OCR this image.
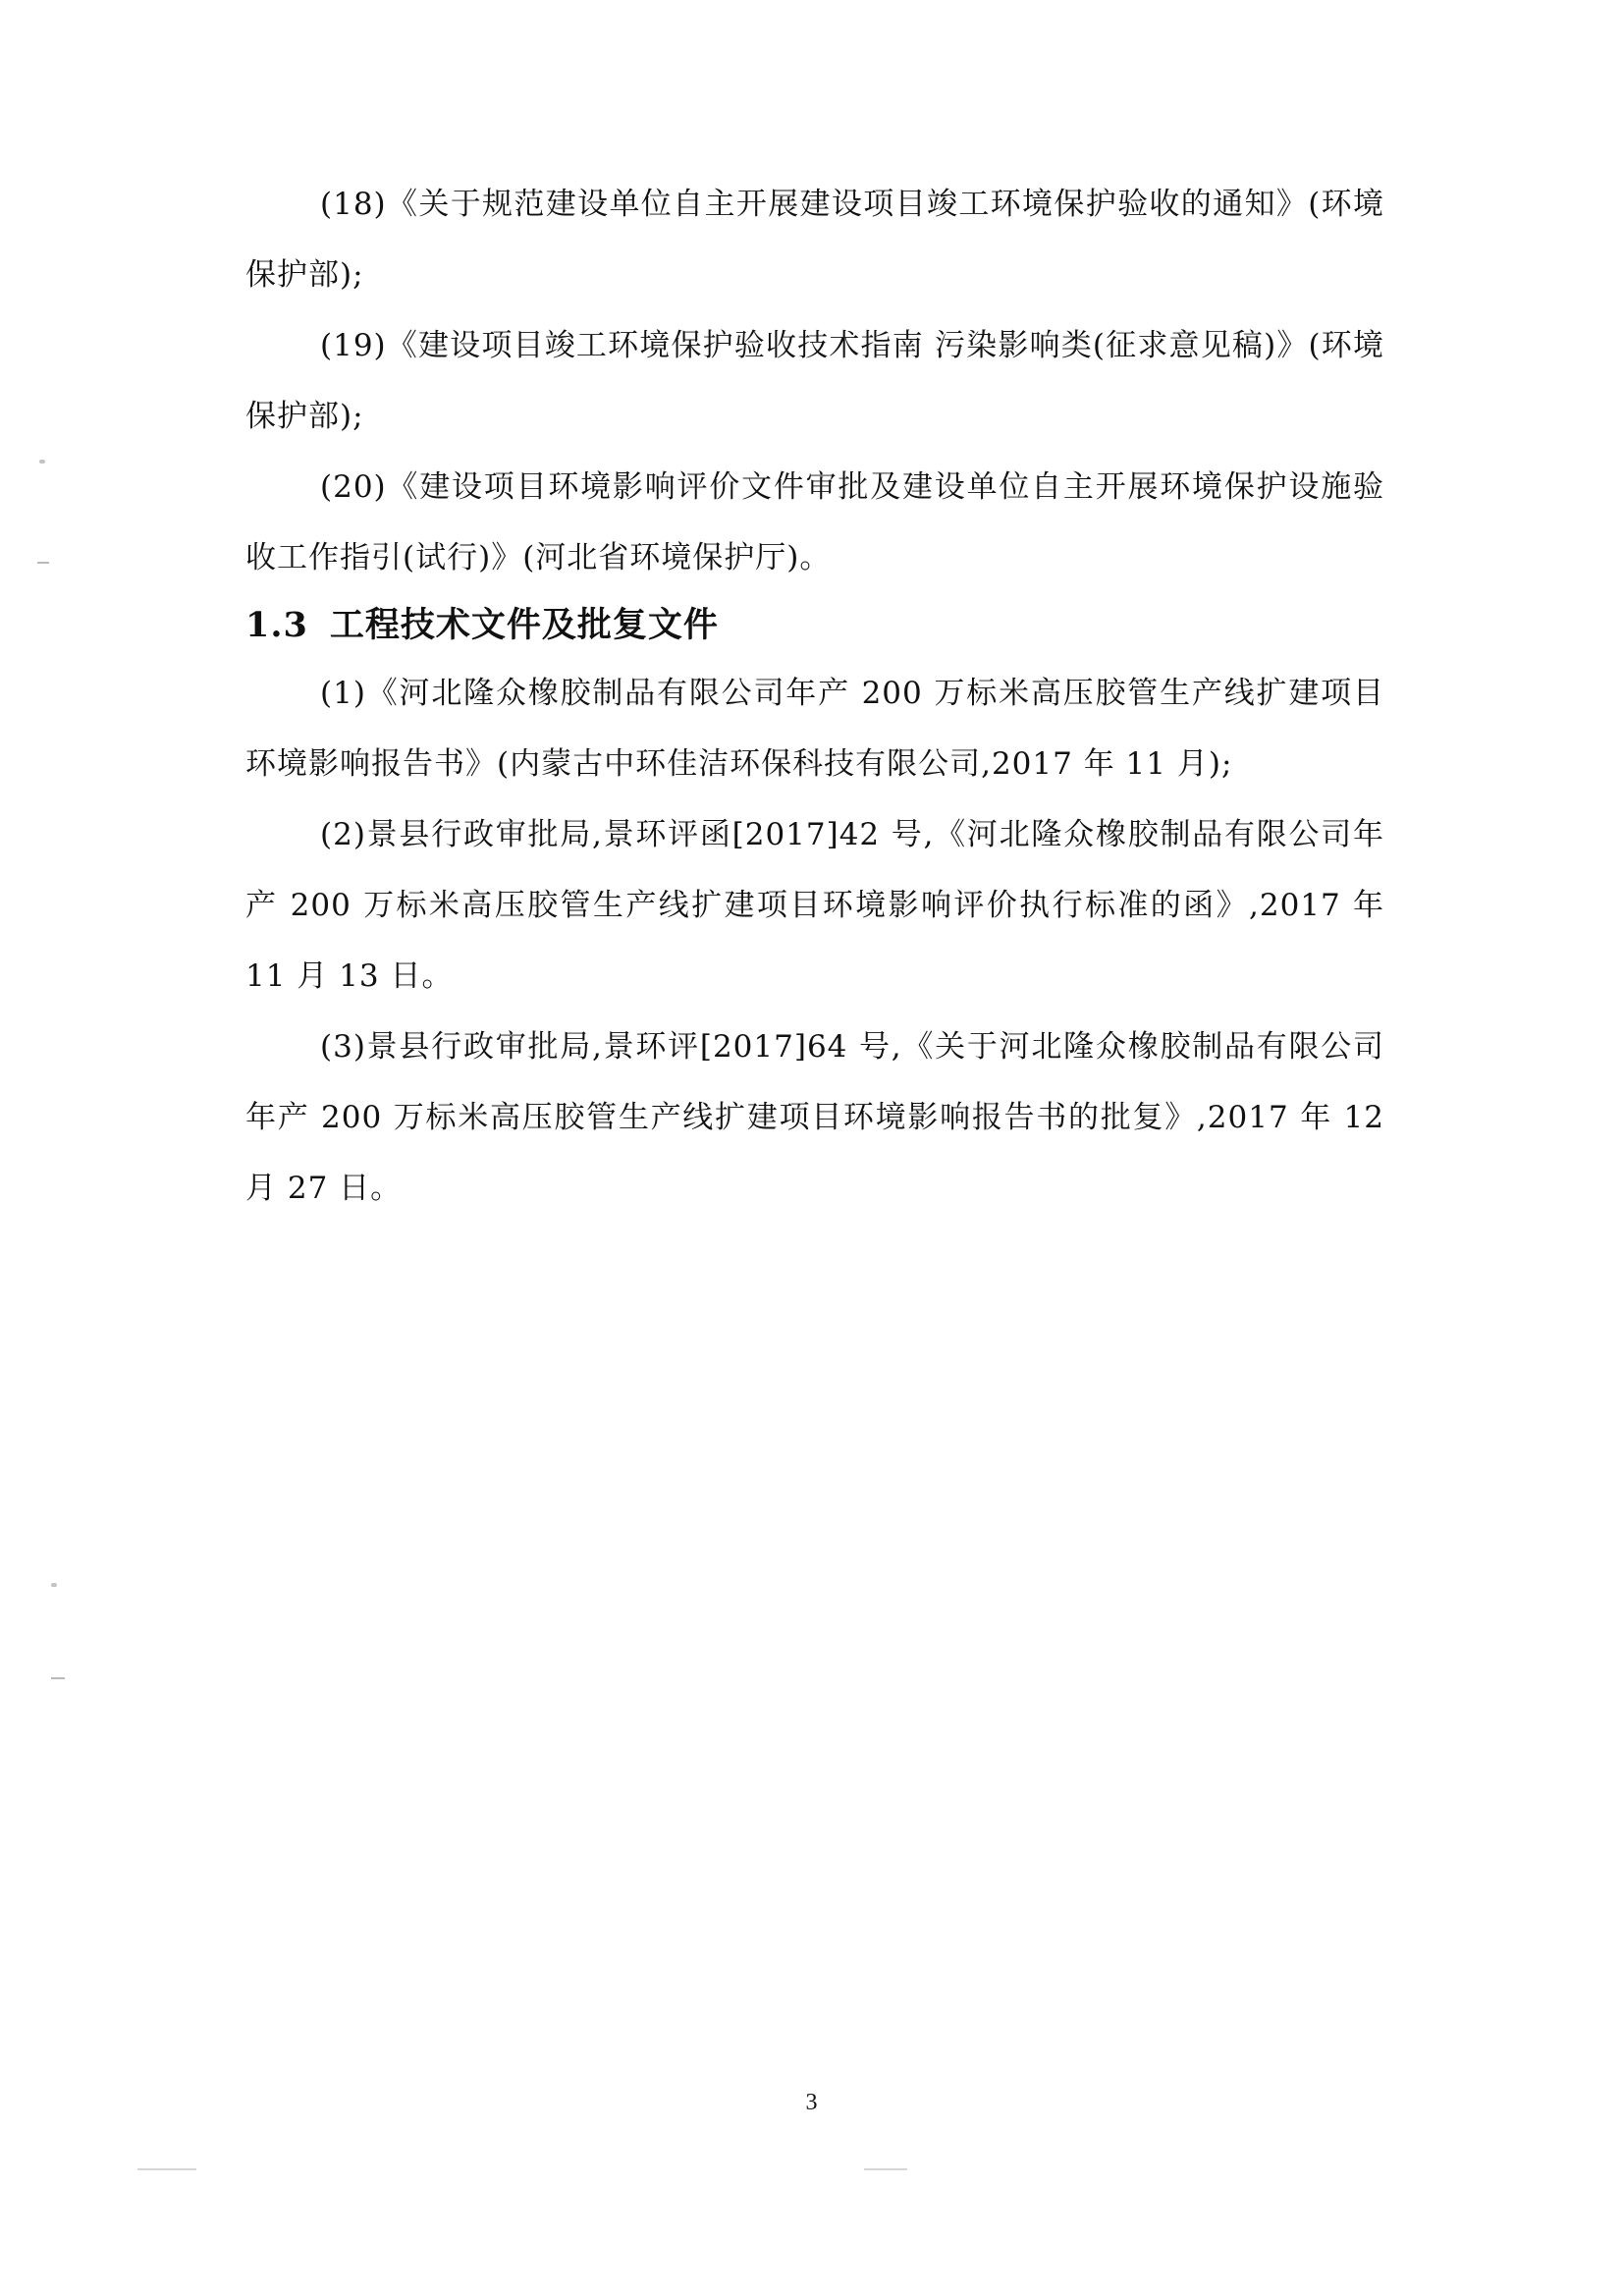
(18)《关于规范建设单位自主开展建设项目竣工环境保护验收的通知》(环境保护部);

(19)《建设项目竣工环境保护验收技术指南 污染影响类(征求意见稿)》(环境保护部);

(20)《建设项目环境影响评价文件审批及建设单位自主开展环境保护设施验收工作指引(试行)》(河北省环境保护厅)。

1.3 工程技术文件及批复文件

(1)《河北隆众橡胶制品有限公司年产 200 万标米高压胶管生产线扩建项目环境影响报告书》(内蒙古中环佳洁环保科技有限公司,2017 年 11 月);

(2)景县行政审批局,景环评函[2017]42 号,《河北隆众橡胶制品有限公司年产 200 万标米高压胶管生产线扩建项目环境影响评价执行标准的函》,2017 年 11 月 13 日。

(3)景县行政审批局,景环评[2017]64 号,《关于河北隆众橡胶制品有限公司年产 200 万标米高压胶管生产线扩建项目环境影响报告书的批复》,2017 年 12 月 27 日。

3
